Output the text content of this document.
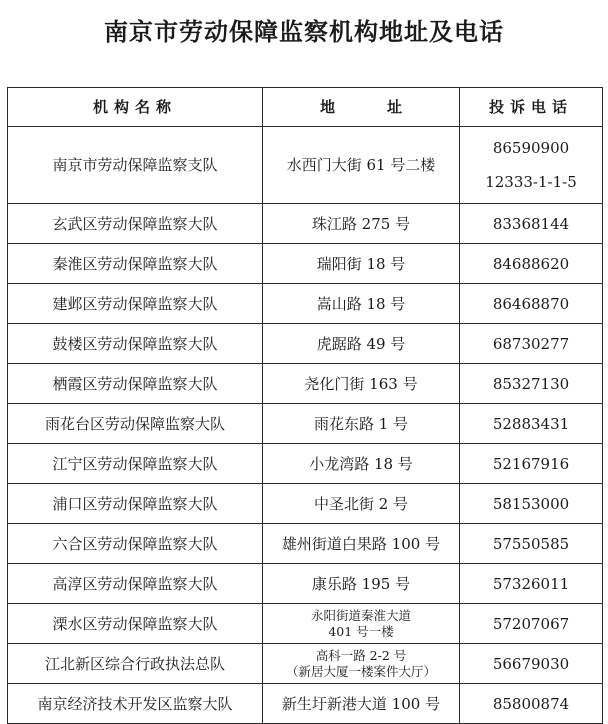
南京市劳动保障监察机构地址及电话
机构名称	地 址	投诉电话
南京市劳动保障监察支队	水西门大街 61 号二楼	86590900
12333-1-1-5

玄武区劳动保障监察大队	珠江路 275 号	83368144

秦淮区劳动保障监察大队	瑞阳街 18 号	84688620

建邺区劳动保障监察大队	嵩山路 18 号	86468870

鼓楼区劳动保障监察大队	虎踞路 49 号	68730277

栖霞区劳动保障监察大队	尧化门街 163 号	85327130

雨花台区劳动保障监察大队	雨花东路 1 号	52883431

江宁区劳动保障监察大队	小龙湾路 18 号	52167916

浦口区劳动保障监察大队	中圣北街 2 号	58153000

六合区劳动保障监察大队	雄州街道白果路 100 号	57550585

高淳区劳动保障监察大队	康乐路 195 号	57326011

溧水区劳动保障监察大队	永阳街道秦淮大道
401 号一楼	57207067

江北新区综合行政执法总队	高科一路 2-2 号
（新居大厦一楼案件大厅）	56679030

南京经济技术开发区监察大队	新生圩新港大道 100 号	85800874
